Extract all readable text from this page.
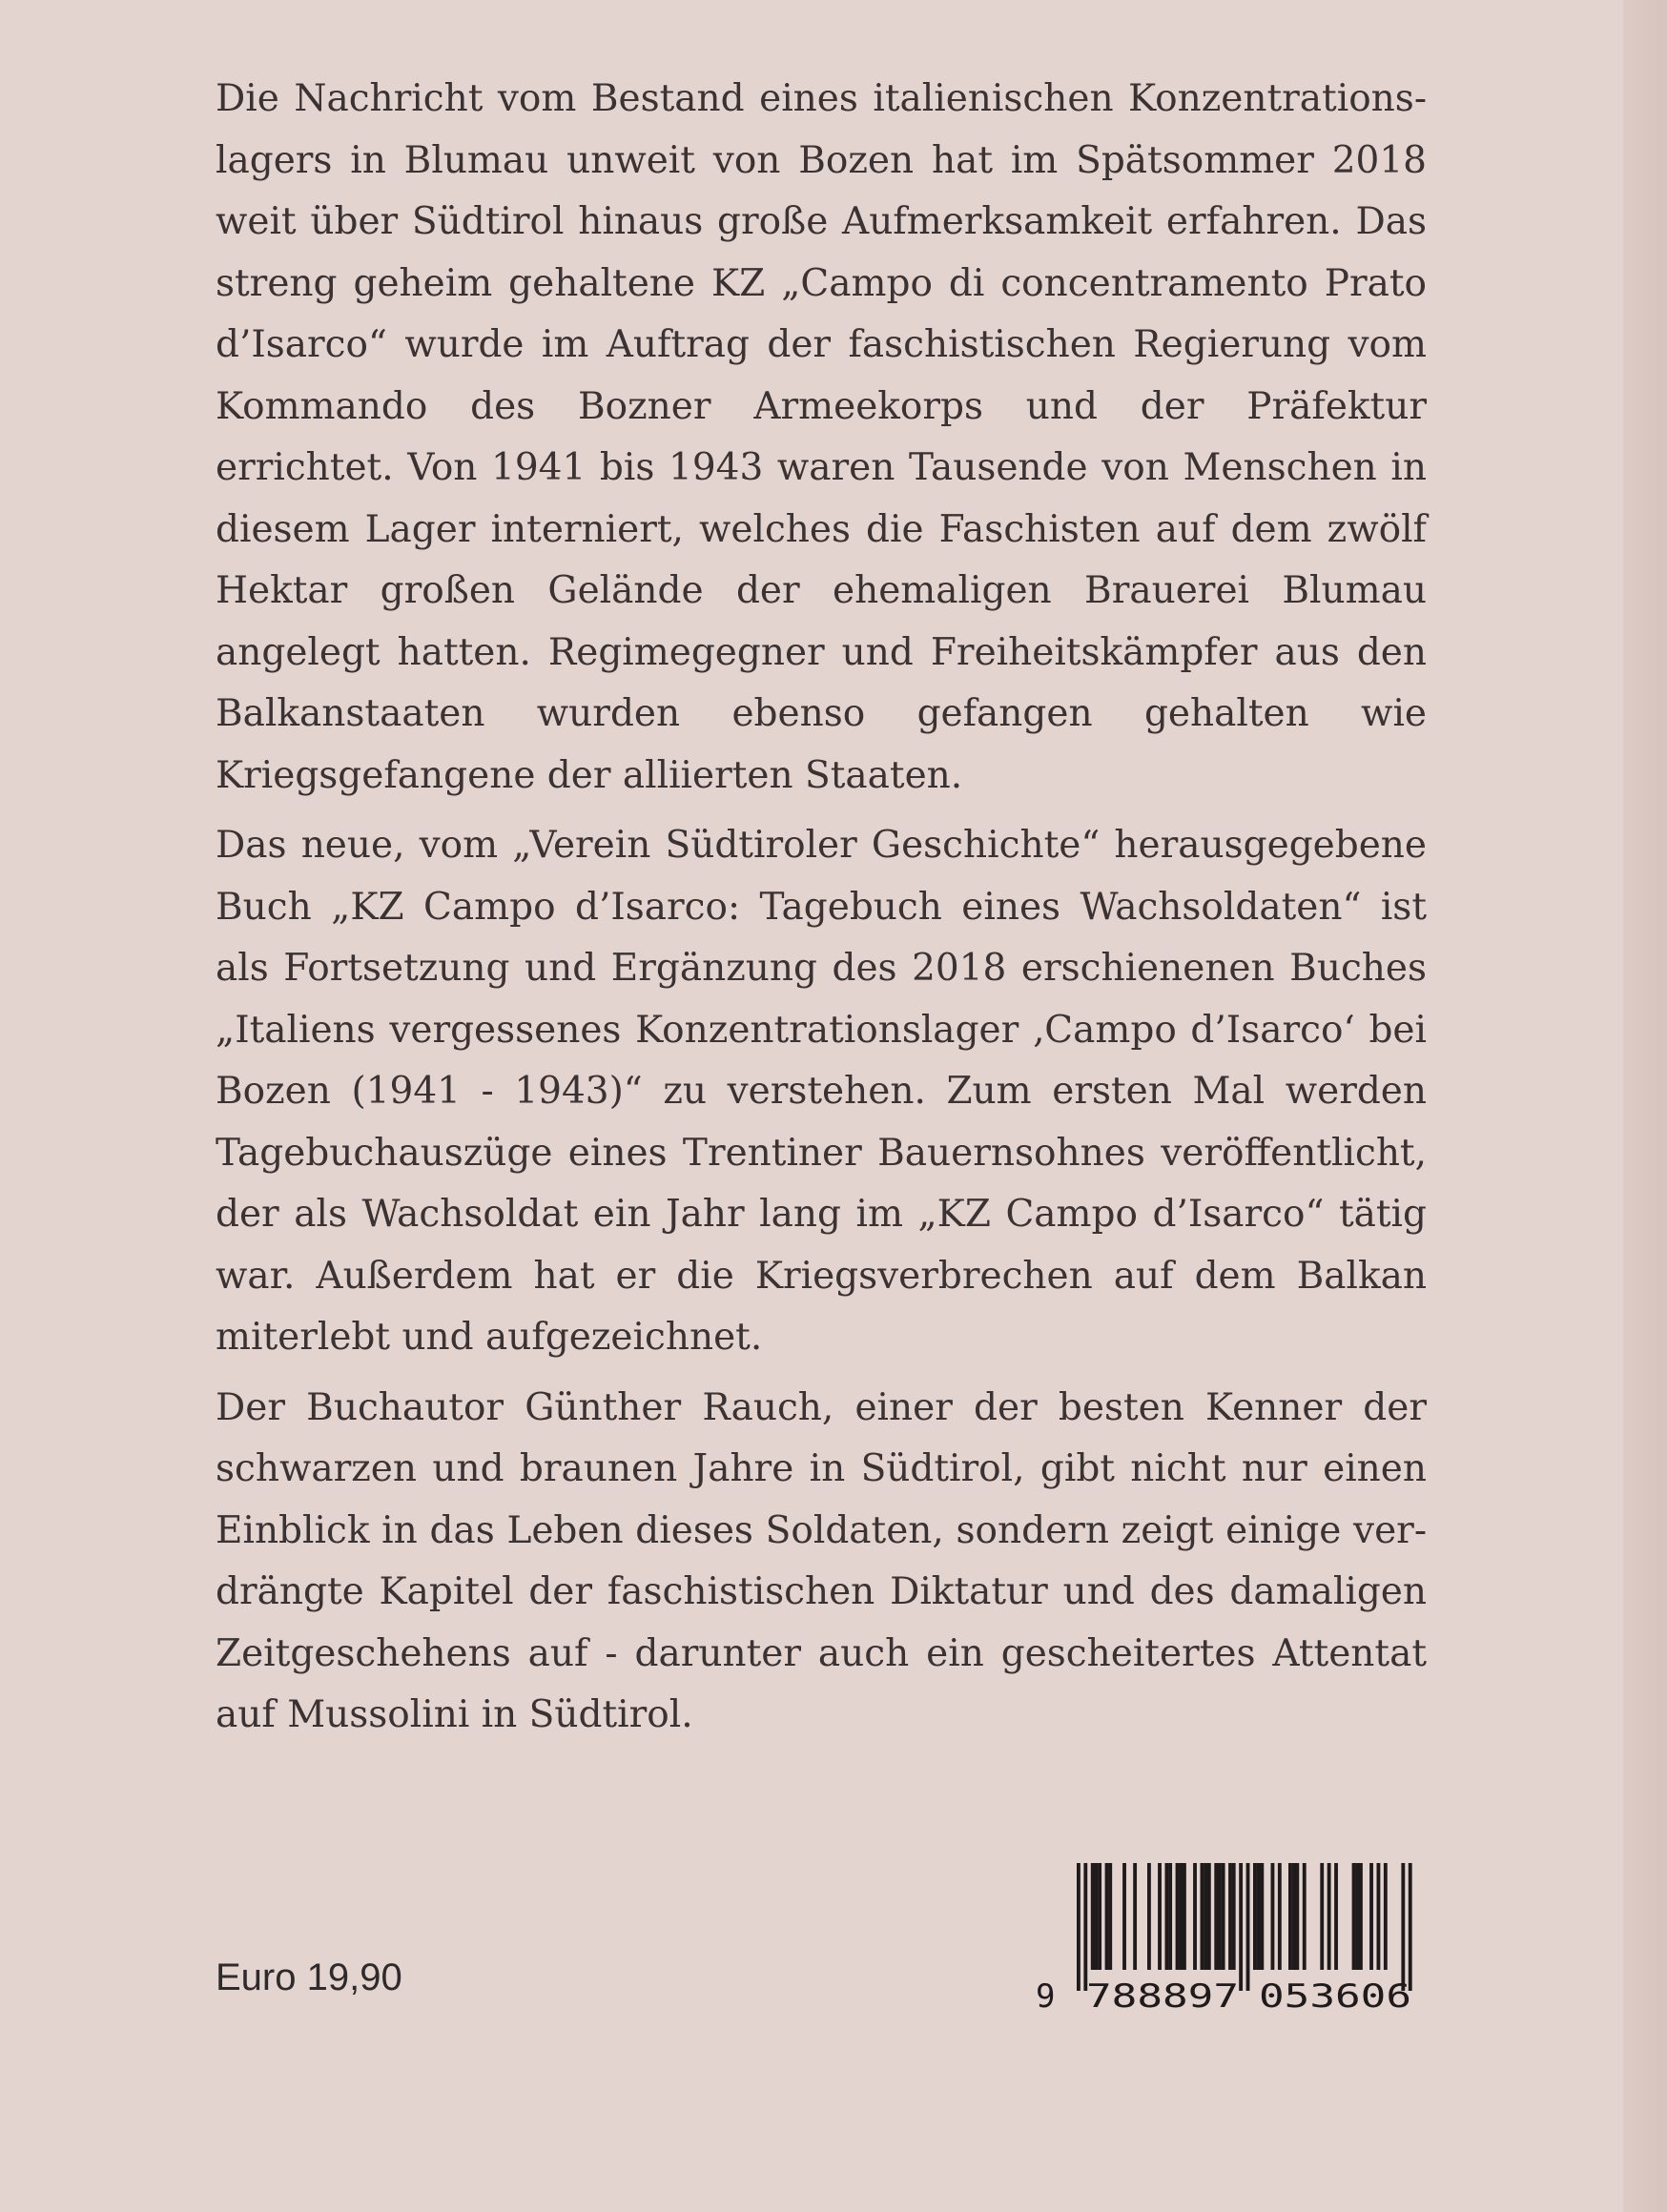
Die Nachricht vom Bestand eines italienischen Konzentrationslagers in Blumau unweit von Bozen hat im Spätsommer 2018 weit über Südtirol hinaus große Aufmerksamkeit erfahren. Das streng geheim gehaltene KZ „Campo di concentramento Prato d’Isarco“ wurde im Auftrag der faschistischen Regierung vom Kommando des Bozner Armeekorps und der Präfektur errichtet. Von 1941 bis 1943 waren Tausende von Menschen in diesem Lager interniert, welches die Faschisten auf dem zwölf Hektar großen Gelände der ehemaligen Brauerei Blumau angelegt hatten. Regimegegner und Freiheitskämpfer aus den Balkanstaaten wurden ebenso gefangen gehalten wie Kriegsgefangene der alliierten Staaten.

Das neue, vom „Verein Südtiroler Geschichte“ herausgegebene Buch „KZ Campo d’Isarco: Tagebuch eines Wachsoldaten“ ist als Fortsetzung und Ergänzung des 2018 erschienenen Buches „Italiens vergessenes Konzentrationslager ‚Campo d’Isarco‘ bei Bozen (1941 - 1943)“ zu verstehen. Zum ersten Mal werden Tagebuchauszüge eines Trentiner Bauernsohnes veröffentlicht, der als Wachsoldat ein Jahr lang im „KZ Campo d’Isarco“ tätig war. Außerdem hat er die Kriegsverbrechen auf dem Balkan miterlebt und aufgezeichnet.

Der Buchautor Günther Rauch, einer der besten Kenner der schwarzen und braunen Jahre in Südtirol, gibt nicht nur einen Einblick in das Leben dieses Soldaten, sondern zeigt einige verdrängte Kapitel der faschistischen Diktatur und des damaligen Zeitgeschehens auf - darunter auch ein gescheitertes Attentat auf Mussolini in Südtirol.

Euro 19,90	9 788897 053606
